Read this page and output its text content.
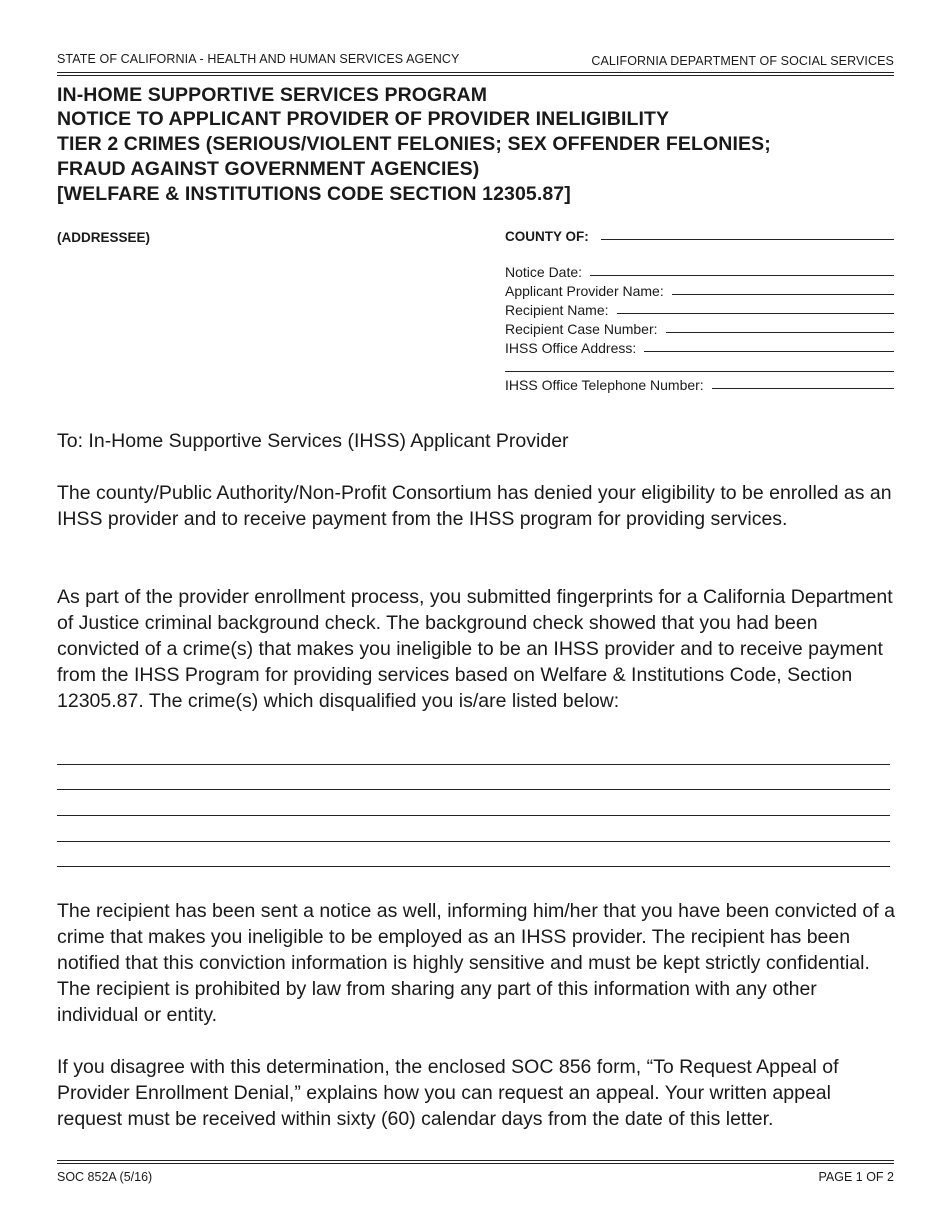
STATE OF CALIFORNIA - HEALTH AND HUMAN SERVICES AGENCY	CALIFORNIA DEPARTMENT OF SOCIAL SERVICES
IN-HOME SUPPORTIVE SERVICES PROGRAM
NOTICE TO APPLICANT PROVIDER OF PROVIDER INELIGIBILITY
TIER 2 CRIMES (SERIOUS/VIOLENT FELONIES; SEX OFFENDER FELONIES;
FRAUD AGAINST GOVERNMENT AGENCIES)
[WELFARE & INSTITUTIONS CODE SECTION 12305.87]
(ADDRESSEE)	COUNTY OF:
Notice Date:
Applicant Provider Name:
Recipient Name:
Recipient Case Number:
IHSS Office Address:
IHSS Office Telephone Number:
To: In-Home Supportive Services (IHSS) Applicant Provider
The county/Public Authority/Non-Profit Consortium has denied your eligibility to be enrolled as an IHSS provider and to receive payment from the IHSS program for providing services.
As part of the provider enrollment process, you submitted fingerprints for a California Department of Justice criminal background check. The background check showed that you had been convicted of a crime(s) that makes you ineligible to be an IHSS provider and to receive payment from the IHSS Program for providing services based on Welfare & Institutions Code, Section 12305.87. The crime(s) which disqualified you is/are listed below:
The recipient has been sent a notice as well, informing him/her that you have been convicted of a crime that makes you ineligible to be employed as an IHSS provider. The recipient has been notified that this conviction information is highly sensitive and must be kept strictly confidential. The recipient is prohibited by law from sharing any part of this information with any other individual or entity.
If you disagree with this determination, the enclosed SOC 856 form, “To Request Appeal of Provider Enrollment Denial,” explains how you can request an appeal. Your written appeal request must be received within sixty (60) calendar days from the date of this letter.
SOC 852A (5/16)	PAGE 1 OF 2
